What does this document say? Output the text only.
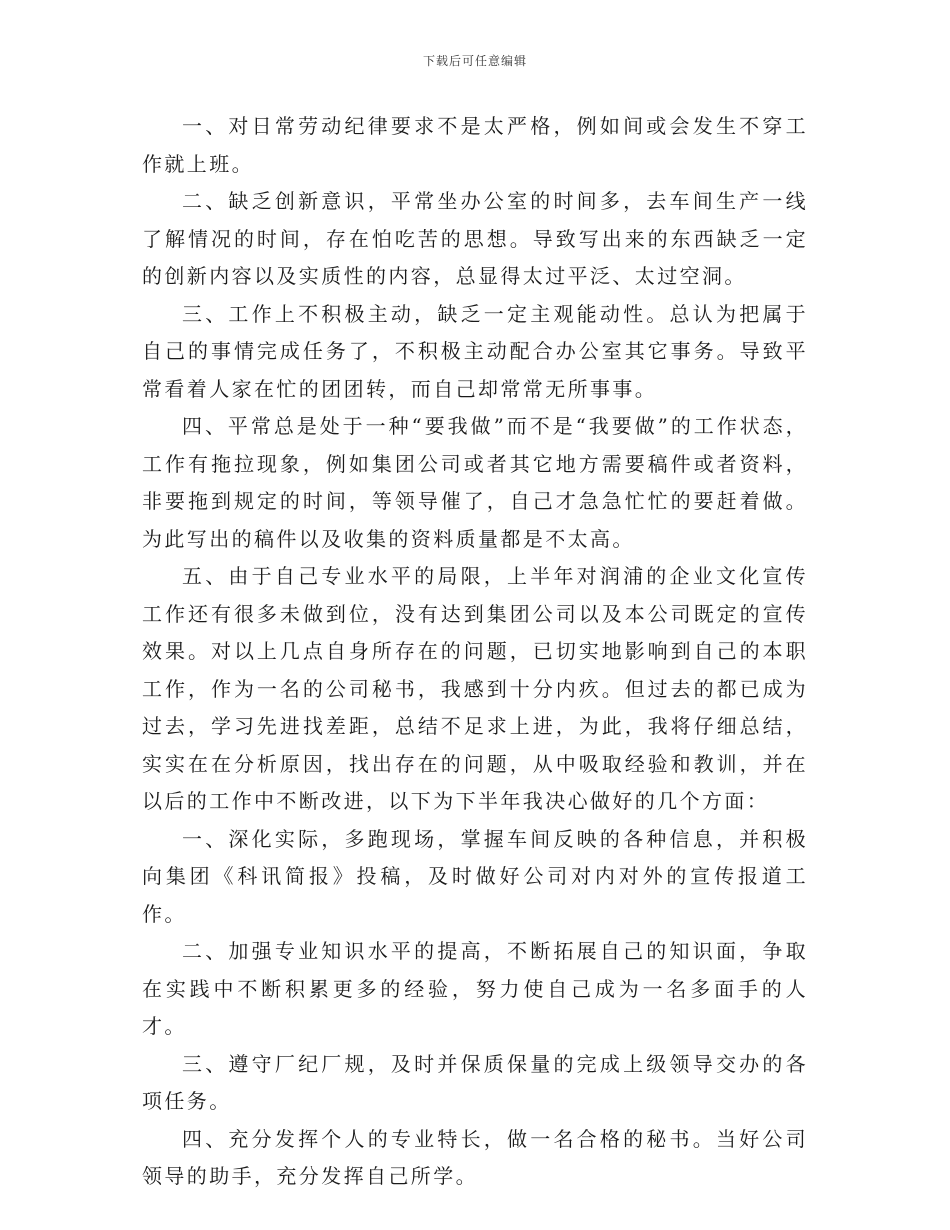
下载后可任意编辑

一、对日常劳动纪律要求不是太严格，例如间或会发生不穿工作就上班。

二、缺乏创新意识，平常坐办公室的时间多，去车间生产一线了解情况的时间，存在怕吃苦的思想。导致写出来的东西缺乏一定的创新内容以及实质性的内容，总显得太过平泛、太过空洞。

三、工作上不积极主动，缺乏一定主观能动性。总认为把属于自己的事情完成任务了，不积极主动配合办公室其它事务。导致平常看着人家在忙的团团转，而自己却常常无所事事。

四、平常总是处于一种“要我做”而不是“我要做”的工作状态，工作有拖拉现象，例如集团公司或者其它地方需要稿件或者资料，非要拖到规定的时间，等领导催了，自己才急急忙忙的要赶着做。为此写出的稿件以及收集的资料质量都是不太高。

五、由于自己专业水平的局限，上半年对润浦的企业文化宣传工作还有很多未做到位，没有达到集团公司以及本公司既定的宣传效果。对以上几点自身所存在的问题，已切实地影响到自己的本职工作，作为一名的公司秘书，我感到十分内疚。但过去的都已成为过去，学习先进找差距，总结不足求上进，为此，我将仔细总结，实实在在分析原因，找出存在的问题，从中吸取经验和教训，并在以后的工作中不断改进，以下为下半年我决心做好的几个方面：

一、深化实际，多跑现场，掌握车间反映的各种信息，并积极向集团《科讯简报》投稿，及时做好公司对内对外的宣传报道工作。

二、加强专业知识水平的提高，不断拓展自己的知识面，争取在实践中不断积累更多的经验，努力使自己成为一名多面手的人才。

三、遵守厂纪厂规，及时并保质保量的完成上级领导交办的各项任务。

四、充分发挥个人的专业特长，做一名合格的秘书。当好公司领导的助手，充分发挥自己所学。
